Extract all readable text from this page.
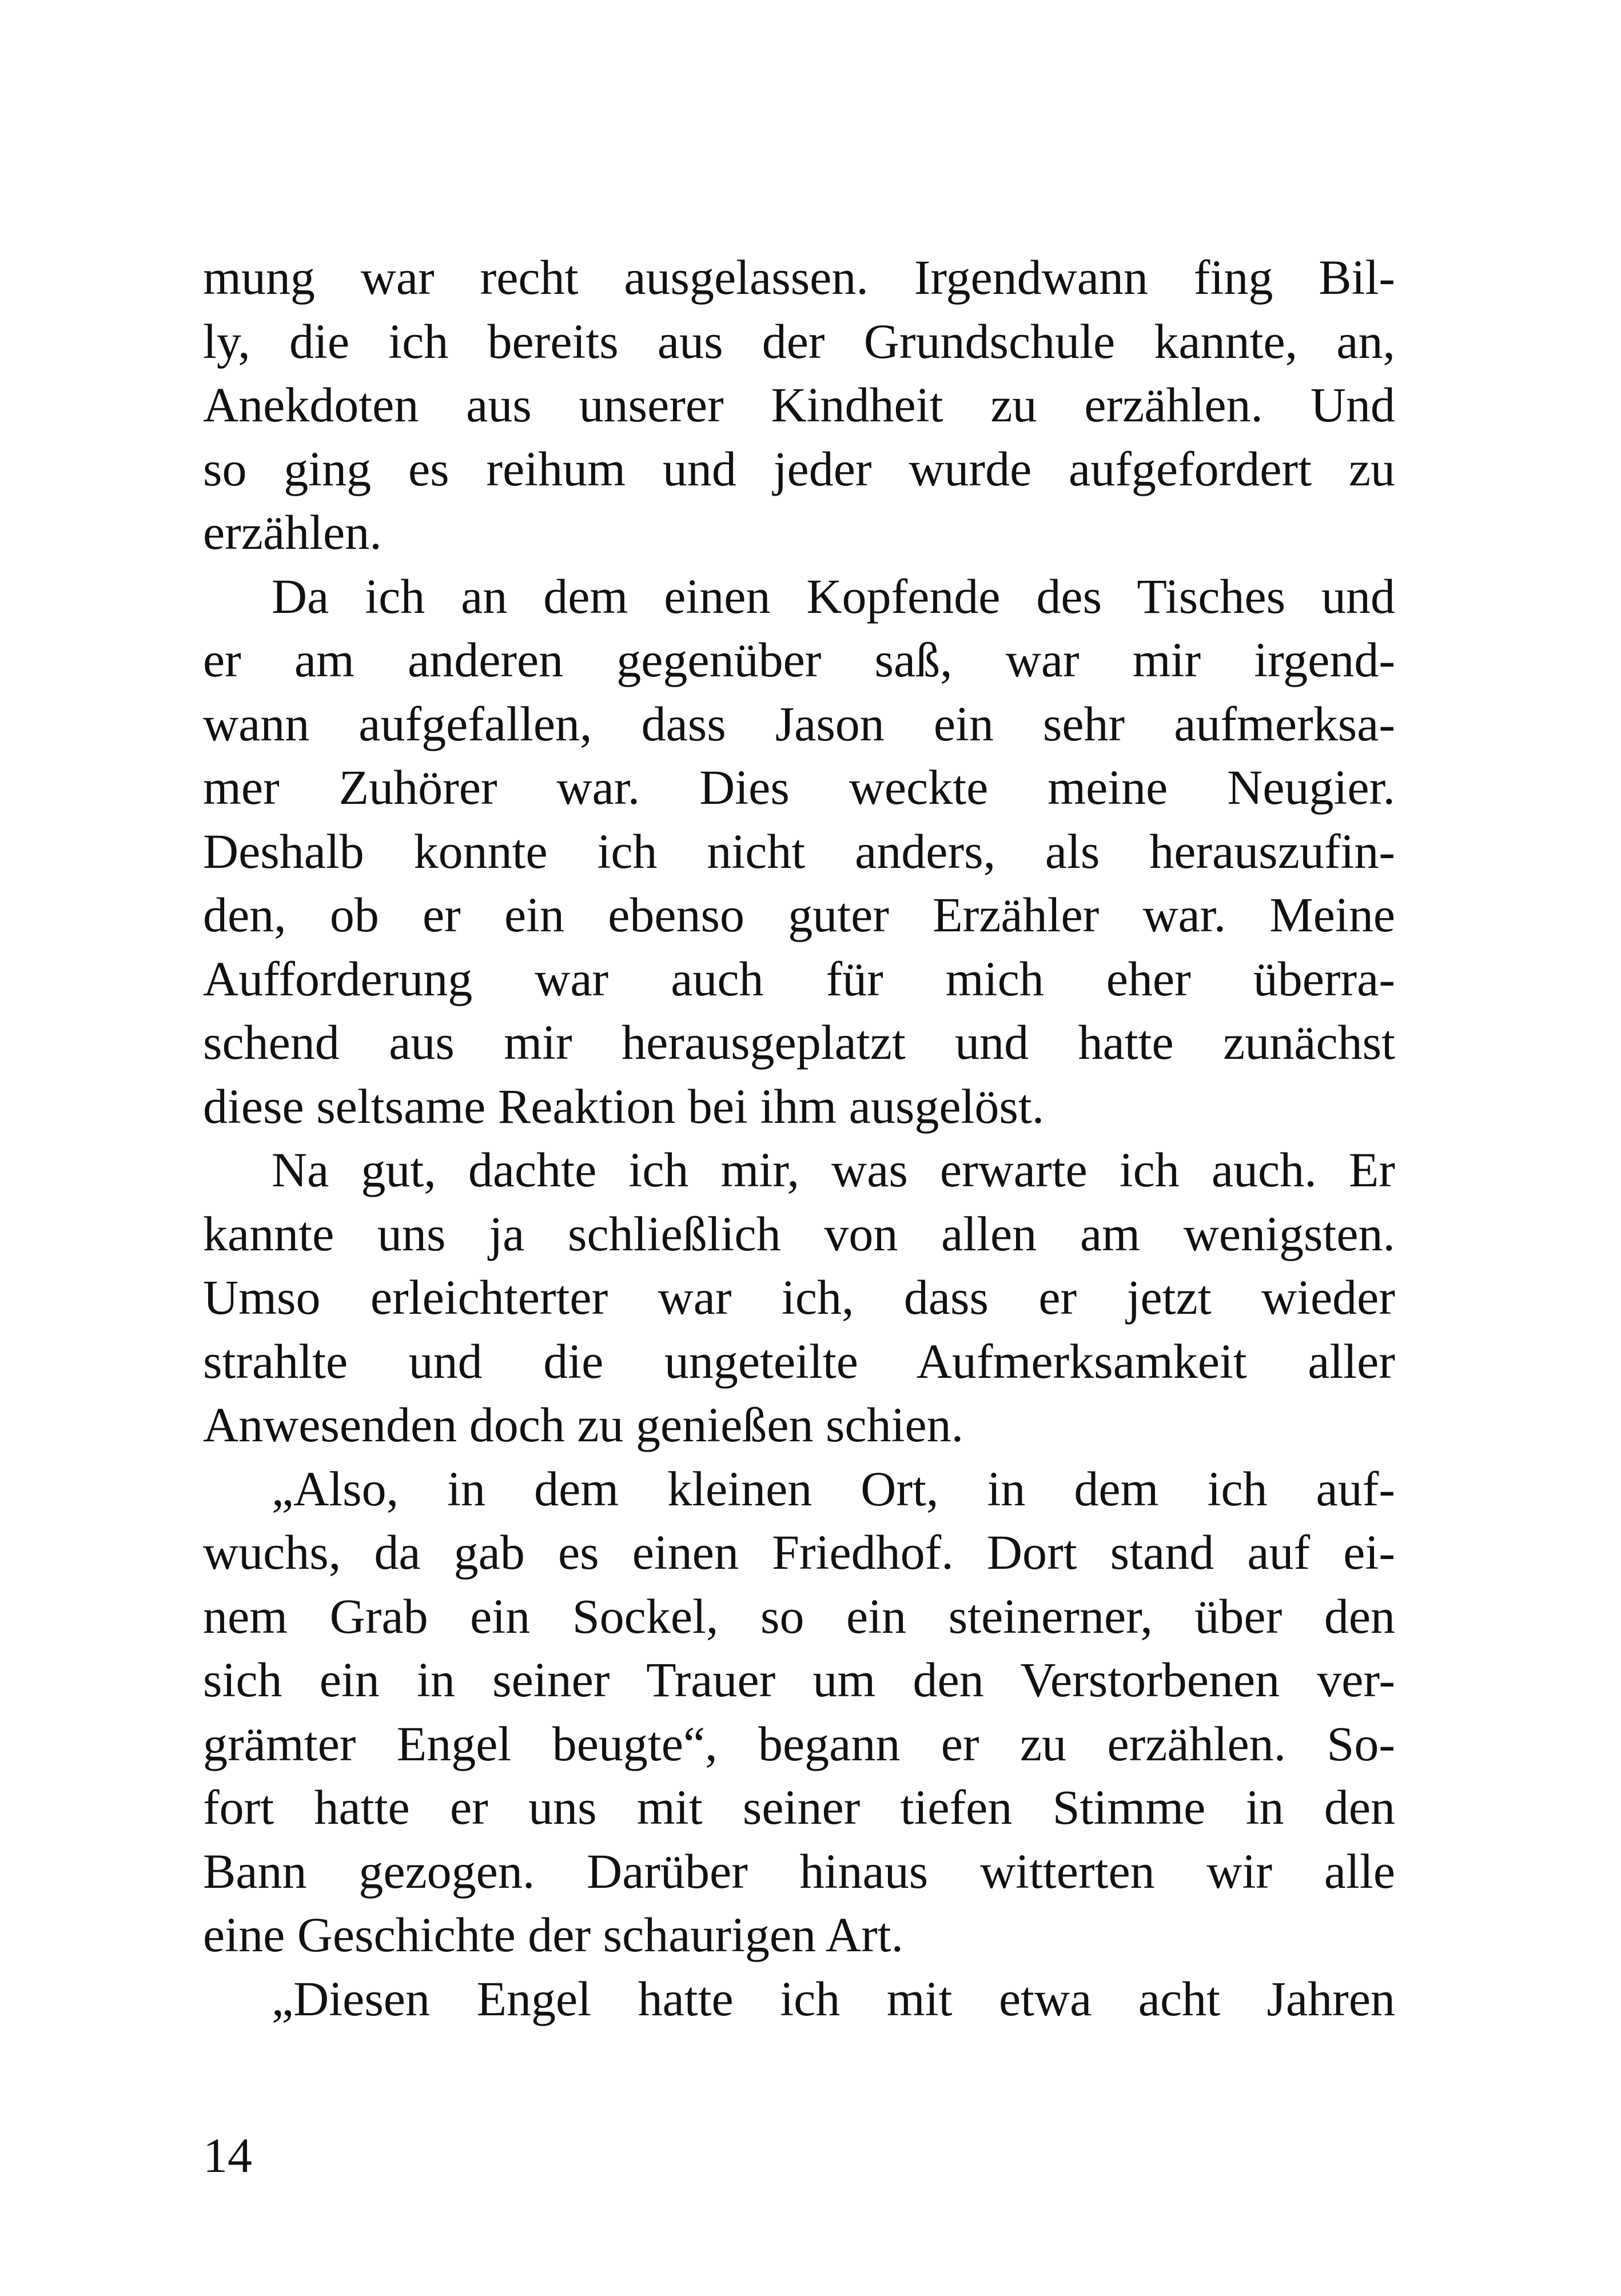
mung war recht ausgelassen. Irgendwann fing Bil-
ly, die ich bereits aus der Grundschule kannte, an,
Anekdoten aus unserer Kindheit zu erzählen. Und
so ging es reihum und jeder wurde aufgefordert zu
erzählen.
Da ich an dem einen Kopfende des Tisches und
er am anderen gegenüber saß, war mir irgend-
wann aufgefallen, dass Jason ein sehr aufmerksa-
mer Zuhörer war. Dies weckte meine Neugier.
Deshalb konnte ich nicht anders, als herauszufin-
den, ob er ein ebenso guter Erzähler war. Meine
Aufforderung war auch für mich eher überra-
schend aus mir herausgeplatzt und hatte zunächst
diese seltsame Reaktion bei ihm ausgelöst.
Na gut, dachte ich mir, was erwarte ich auch. Er
kannte uns ja schließlich von allen am wenigsten.
Umso erleichterter war ich, dass er jetzt wieder
strahlte und die ungeteilte Aufmerksamkeit aller
Anwesenden doch zu genießen schien.
„Also, in dem kleinen Ort, in dem ich auf-
wuchs, da gab es einen Friedhof. Dort stand auf ei-
nem Grab ein Sockel, so ein steinerner, über den
sich ein in seiner Trauer um den Verstorbenen ver-
grämter Engel beugte“, begann er zu erzählen. So-
fort hatte er uns mit seiner tiefen Stimme in den
Bann gezogen. Darüber hinaus witterten wir alle
eine Geschichte der schaurigen Art.
„Diesen Engel hatte ich mit etwa acht Jahren
14
